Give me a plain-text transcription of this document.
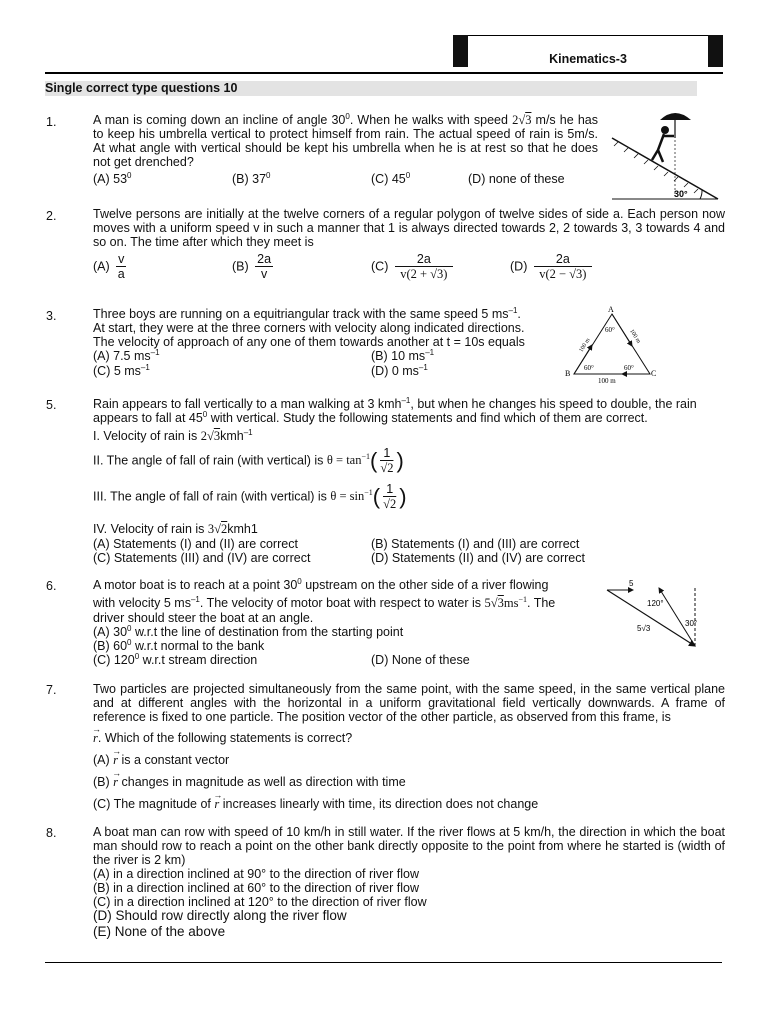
Kinematics-3
Single correct type questions 10
1.	A man is coming down an incline of angle $30^0$. When he walks with speed 2√3 m/s he has to keep his umbrella vertical to protect himself from rain. The actual speed of rain is 5m/s. At what angle with vertical should be kept his umbrella when he is at rest so that he does not get drenched?
(A) $53^0$	(B) $37^0$	(C) $45^0$	(D) none of these
30°
2.	Twelve persons are initially at the twelve corners of a regular polygon of twelve sides of side a. Each person now moves with a uniform speed v in such a manner that 1 is always directed towards 2, 2 towards 3, 3 towards 4 and so on. The time after which they meet is
$(A) \frac{v}{a}$	$(B) \frac{2a}{v}$	$(C) \frac{2a}{v(2 + √3)}$	$(D) \frac{2a}{v(2 - √3)}$
3.	Three boys are running on a equitriangular track with the same speed 5 $ms^{-1}$.
At start, they were at the three corners with velocity along indicated directions.
The velocity of approach of any one of them towards another at t = 10s equals
(A) 7.5 $ms^{-1}$	(B) 10 $ms^{-1}$
(C) 5 $ms^{-1}$	(D) 0 $ms^{-1}$
A
B	C
100 m
60°
60°	60°
100 m
100 m
5.	Rain appears to fall vertically to a man walking at 3 kmh$^{-1}$, but when he changes his speed to double, the rain
appears to fall at $45^0$ with vertical. Study the following statements and find which of them are correct.
I. Velocity of rain is 2√3kmh$^{-1}$
II. The angle of fall of rain (with vertical) is $\theta = \tan^{-1}( \frac{1}{√2}$ )
III. The angle of fall of rain (with vertical) is $\theta = \sin^{-1}( \frac{1}{√2}$ )
IV. Velocity of rain is 3√2kmh1
(A) Statements (I) and (II) are correct	(B) Statements (I) and (III) are correct
(C) Statements (III) and (IV) are correct	(D) Statements (II) and (IV) are correct
6.	A motor boat is to reach at a point $30^0$ upstream on the other side of a river flowing
with velocity 5 $ms^{-1}$. The velocity of motor boat with respect to water is $5√3ms^{-1}$. The
driver should steer the boat at an angle.
(A) $30^0$ w.r.t the line of destination from the starting point
(B) $60^0$ w.r.t normal to the bank
(C) $120^0$ w.r.t stream direction	(D) None of these
5
120°
30°
5√3
7.	Two particles are projected simultaneously from the same point, with the same speed, in the same vertical plane and at different angles with the horizontal in a uniform gravitational field vertically downwards. A frame of reference is fixed to one particle. The position vector of the other particle, as observed from this frame, is
→ r. Which of the following statements is correct?
(A) → r is a constant vector
(B) → r changes in magnitude as well as direction with time
(C) The magnitude of → r increases linearly with time, its direction does not change
8.	A boat man can row with speed of 10 km/h in still water. If the river flows at 5 km/h, the direction in which the boat man should row to reach a point on the other bank directly opposite to the point from where he started is (width of the river is 2 km)
(A) in a direction inclined at 90° to the direction of river flow
(B) in a direction inclined at 60° to the direction of river flow
(C) in a direction inclined at 120° to the direction of river flow
(D) Should row directly along the river flow
(E) None of the above
